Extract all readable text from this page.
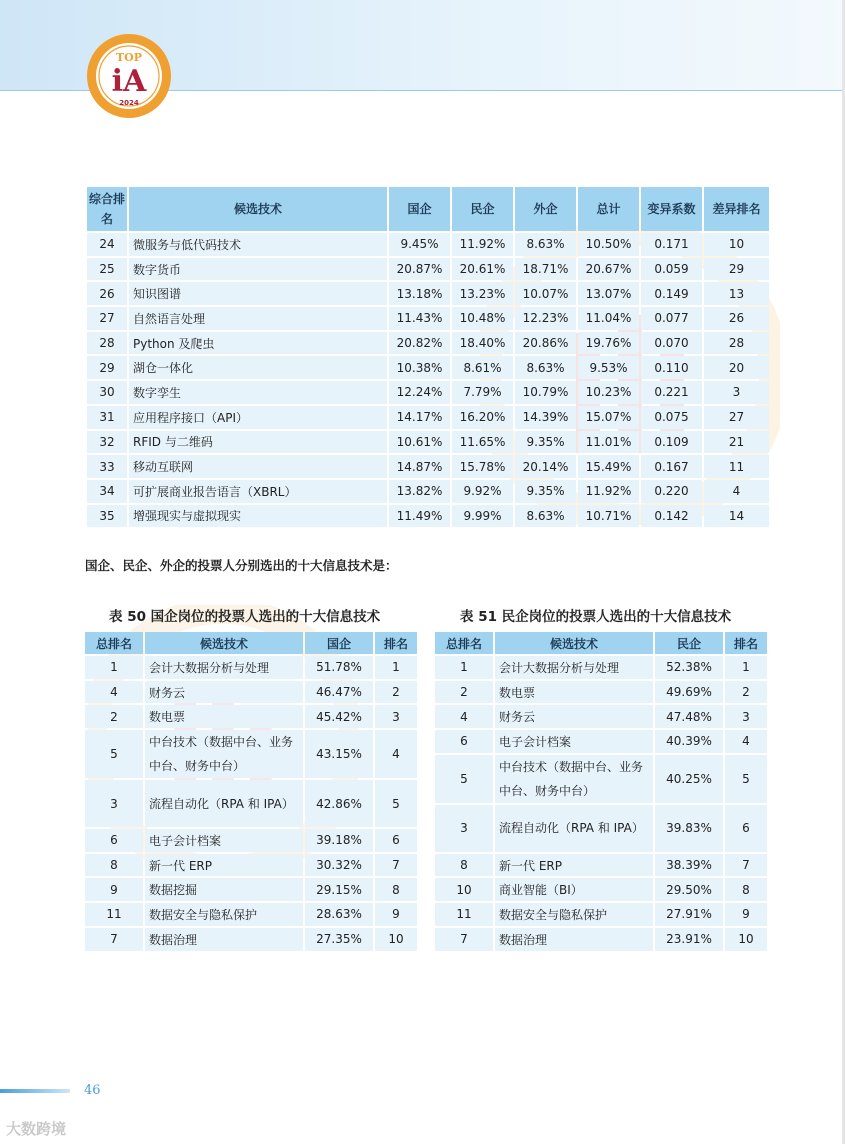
TOP
iA
2024
综合排名	候选技术	国企	民企	外企	总计	变异系数	差异排名
24	微服务与低代码技术	9.45%	11.92%	8.63%	10.50%	0.171	10
25	数字货币	20.87%	20.61%	18.71%	20.67%	0.059	29
26	知识图谱	13.18%	13.23%	10.07%	13.07%	0.149	13
27	自然语言处理	11.43%	10.48%	12.23%	11.04%	0.077	26
28	Python 及爬虫	20.82%	18.40%	20.86%	19.76%	0.070	28
29	湖仓一体化	10.38%	8.61%	8.63%	9.53%	0.110	20
30	数字孪生	12.24%	7.79%	10.79%	10.23%	0.221	3
31	应用程序接口（API）	14.17%	16.20%	14.39%	15.07%	0.075	27
32	RFID 与二维码	10.61%	11.65%	9.35%	11.01%	0.109	21
33	移动互联网	14.87%	15.78%	20.14%	15.49%	0.167	11
34	可扩展商业报告语言（XBRL）	13.82%	9.92%	9.35%	11.92%	0.220	4
35	增强现实与虚拟现实	11.49%	9.99%	8.63%	10.71%	0.142	14
国企、民企、外企的投票人分别选出的十大信息技术是：
表 50 国企岗位的投票人选出的十大信息技术	表 51 民企岗位的投票人选出的十大信息技术
总排名	候选技术	国企	排名
1	会计大数据分析与处理	51.78%	1
4	财务云	46.47%	2
2	数电票	45.42%	3
5	中台技术（数据中台、业务中台、财务中台）	43.15%	4
3	流程自动化（RPA 和 IPA）	42.86%	5
6	电子会计档案	39.18%	6
8	新一代 ERP	30.32%	7
9	数据挖掘	29.15%	8
11	数据安全与隐私保护	28.63%	9
7	数据治理	27.35%	10
总排名	候选技术	民企	排名
1	会计大数据分析与处理	52.38%	1
2	数电票	49.69%	2
4	财务云	47.48%	3
6	电子会计档案	40.39%	4
5	中台技术（数据中台、业务中台、财务中台）	40.25%	5
3	流程自动化（RPA 和 IPA）	39.83%	6
8	新一代 ERP	38.39%	7
10	商业智能（BI）	29.50%	8
11	数据安全与隐私保护	27.91%	9
7	数据治理	23.91%	10
46
大数跨境
